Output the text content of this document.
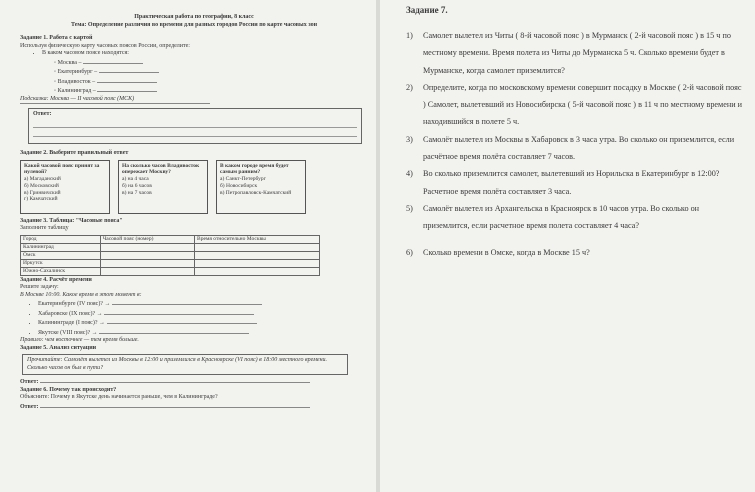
Практическая работа по географии, 8 класс
Тема: Определение различия во времени для разных городов России по карте часовых зон
Задание 1. Работа с картой
Используя физическую карту часовых поясов России, определите:
• В каком часовом поясе находятся:
◦ Москва –
◦ Екатеринбург –
◦ Владивосток –
◦ Калининград –
Подсказка: Москва — II часовой пояс (МСК)
Ответ:
Задание 2. Выберите правильный ответ
Какой часовой пояс принят за нулевой?
а) Магаданский
б) Московский
в) Гринвичский
г) Камчатский
На сколько часов Владивосток опережает Москву?
а) на 4 часа
б) на 6 часов
в) на 7 часов
В каком городе время будет самым ранним?
а) Санкт-Петербург
б) Новосибирск
в) Петропавловск-Камчатский
Задание 3. Таблица: "Часовые пояса"
Заполните таблицу
Город	Часовой пояс (номер)	Время относительно Москвы
Калининград		
Омск		
Иркутск		
Южно-Сахалинск		
Задание 4. Расчёт времени
Решите задачу:
В Москве 10:00. Какое время в этот момент в:
• Екатеринбурге (IV пояс)? →
• Хабаровске (IX пояс)? →
• Калининграде (I пояс)? →
• Якутске (VIII пояс)? →
Правило: чем восточнее — тем время больше.
Задание 5. Анализ ситуации
Прочитайте: Самолёт вылетел из Москвы в 12:00 и приземлился в Красноярске (VI пояс) в 18:00 местного времени. Сколько часов он был в пути?
Ответ:
Задание 6. Почему так происходит?
Объясните: Почему в Якутске день начинается раньше, чем в Калининграде?
Ответ:
Задание 7.
1)	Самолет вылетел из Читы ( 8-й часовой пояс ) в Мурманск ( 2-й часовой пояс ) в 15 ч по местному времени. Время полета из Читы до Мурманска 5 ч. Сколько времени будет в Мурманске, когда самолет приземлится?
2)	Определите, когда по московскому времени совершит посадку в Москве ( 2-й часовой пояс ) Самолет, вылетевший из Новосибирска ( 5-й часовой пояс ) в 11 ч по местному времени и находившийся в полете 5 ч.
3)	Самолёт вылетел из Москвы в Хабаровск в 3 часа утра. Во сколько он приземлится, если расчётное время полёта составляет 7 часов.
4)	Во сколько приземлится самолет, вылетевший из Норильска в Екатеринбург в 12:00? Расчетное время полёта составляет 3 часа.
5)	Самолёт вылетел из Архангельска в Красноярск в 10 часов утра. Во сколько он приземлится, если расчетное время полета составляет 4 часа?
6)	Сколько времени в Омске, когда в Москве 15 ч?
